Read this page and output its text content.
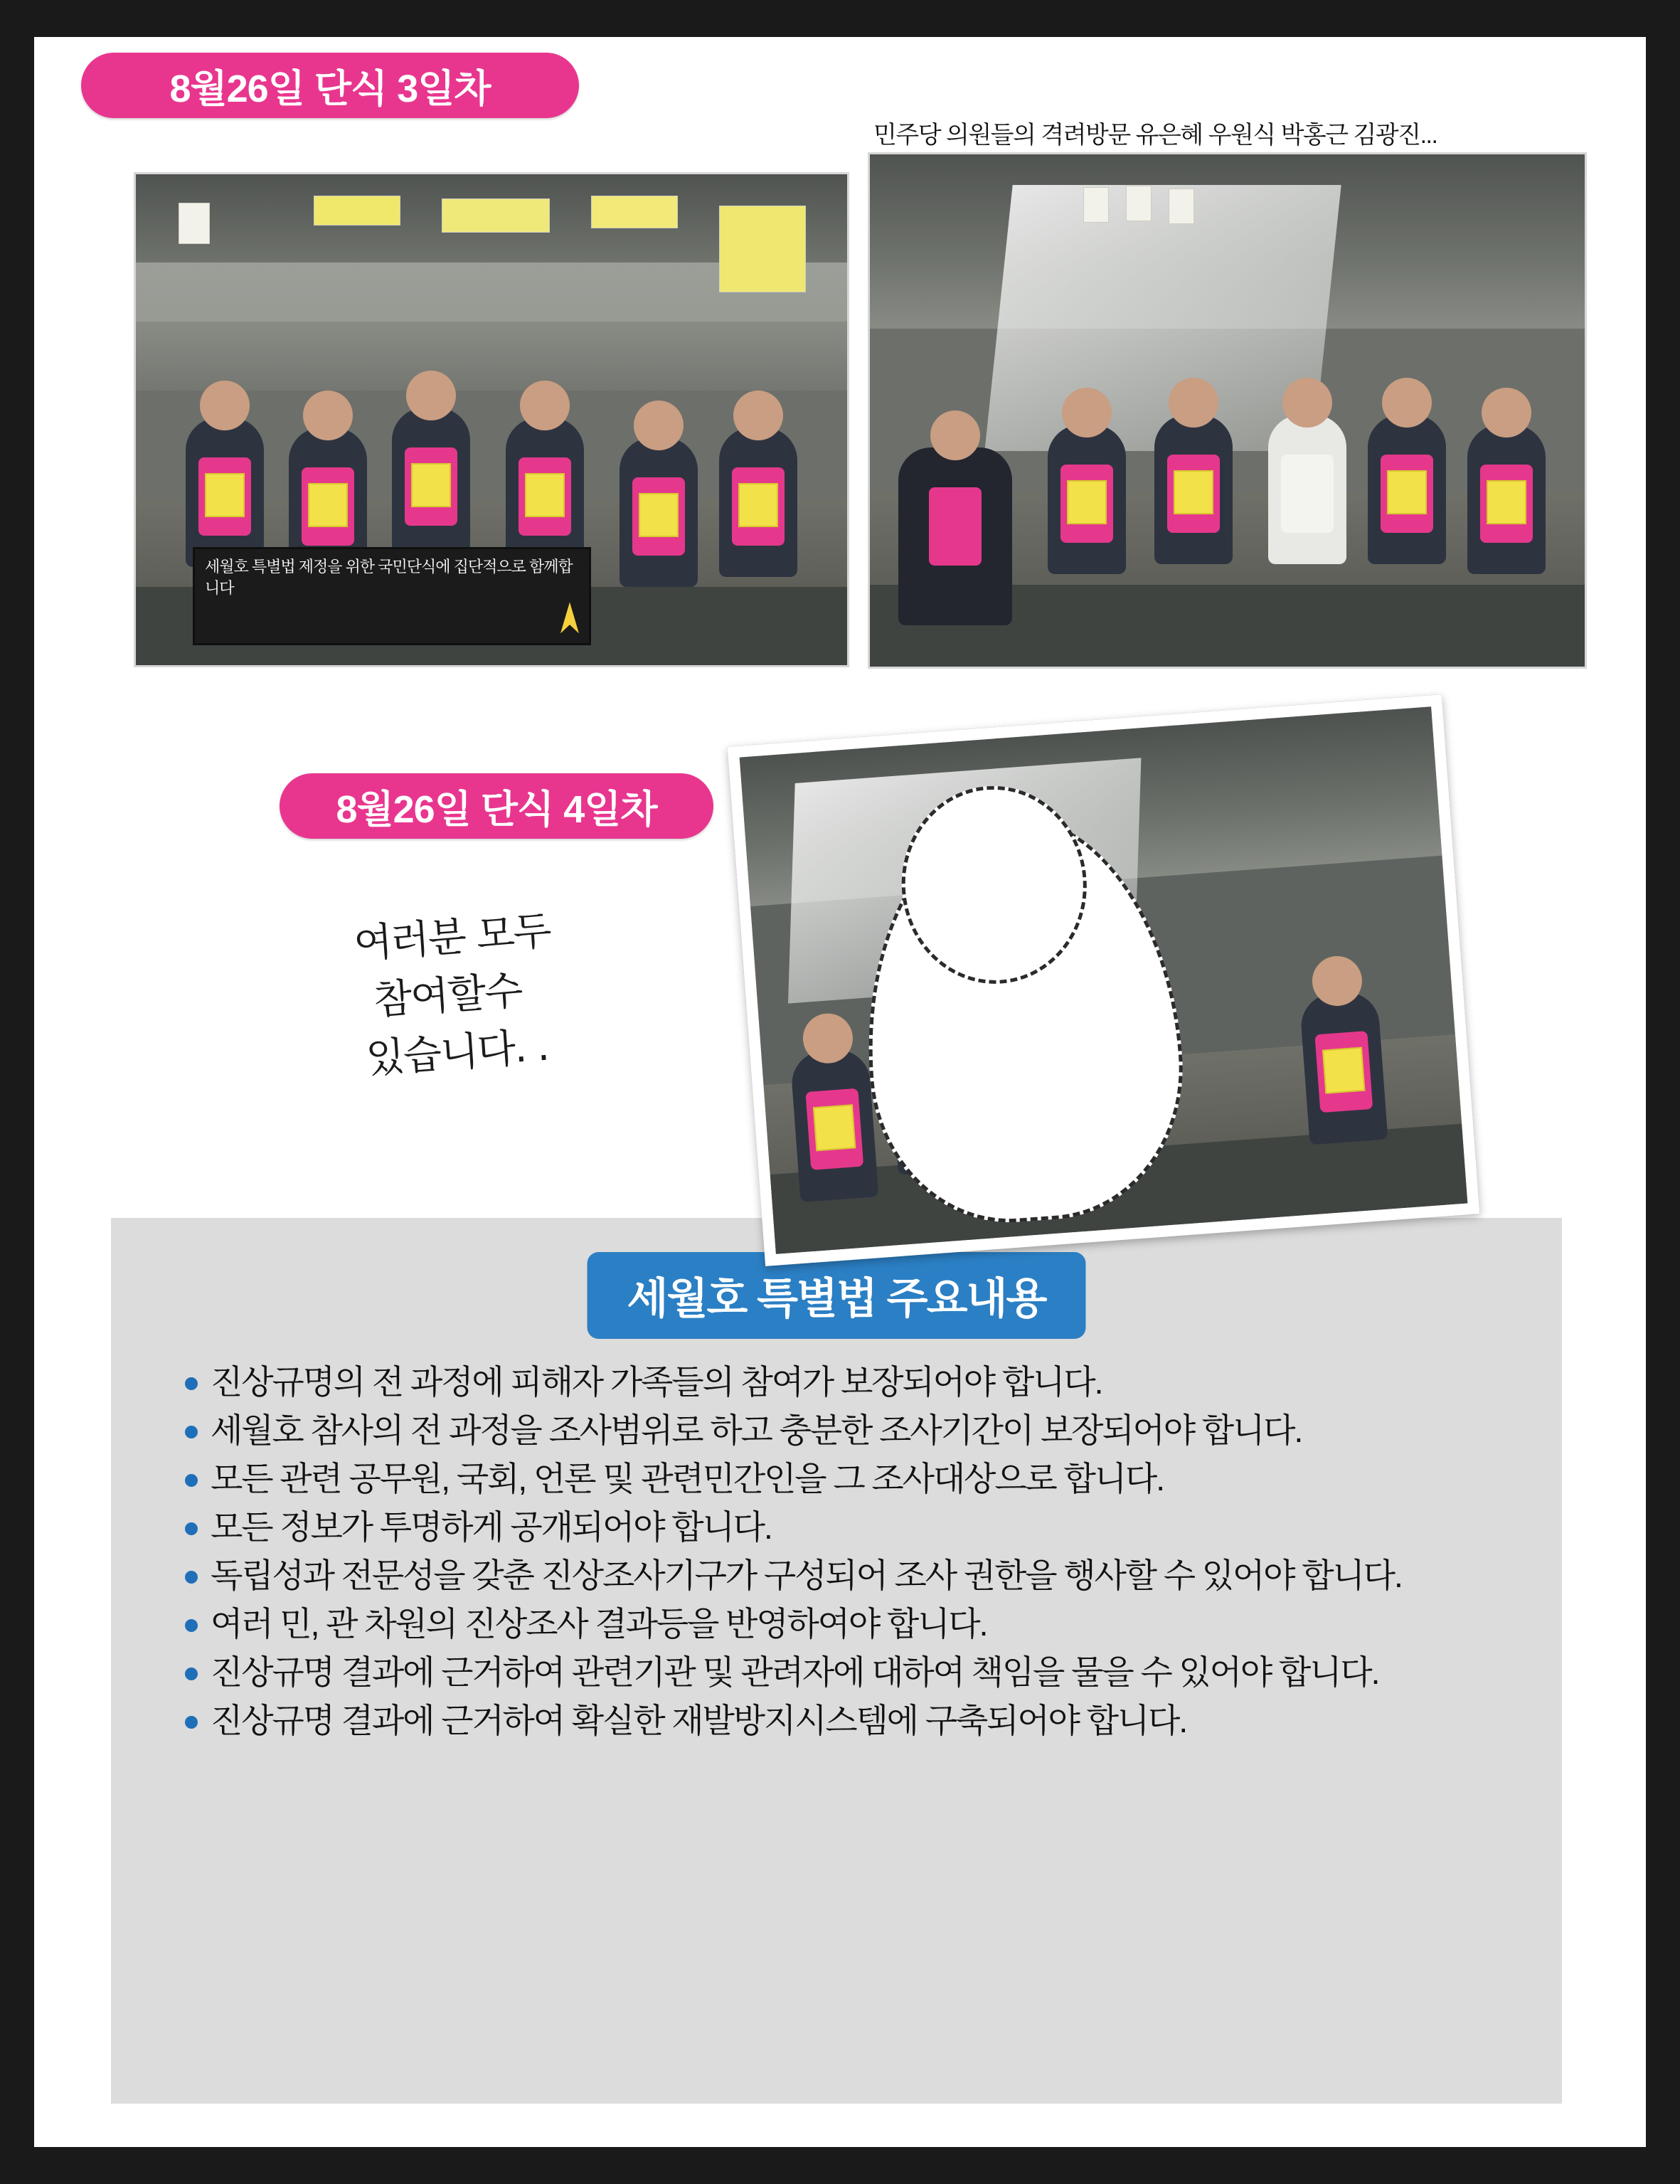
8월26일 단식 3일차
민주당 의원들의 격려방문 유은혜 우원식 박홍근 김광진...
세월호 특별법 제정을 위한 국민단식에 집단적으로 함께합니다
8월26일 단식 4일차
여러분 모두
참여할수
있습니다. .
세월호 특별법 주요내용
진상규명의 전 과정에 피해자 가족들의 참여가 보장되어야 합니다.
세월호 참사의 전 과정을 조사범위로 하고 충분한 조사기간이 보장되어야 합니다.
모든 관련 공무원, 국회, 언론 및 관련민간인을 그 조사대상으로 합니다.
모든 정보가 투명하게 공개되어야 합니다.
독립성과 전문성을 갖춘 진상조사기구가 구성되어 조사 권한을 행사할 수 있어야 합니다.
여러 민, 관 차원의 진상조사 결과등을 반영하여야 합니다.
진상규명 결과에 근거하여 관련기관 및 관려자에 대하여 책임을 물을 수 있어야 합니다.
진상규명 결과에 근거하여 확실한 재발방지시스템에 구축되어야 합니다.
